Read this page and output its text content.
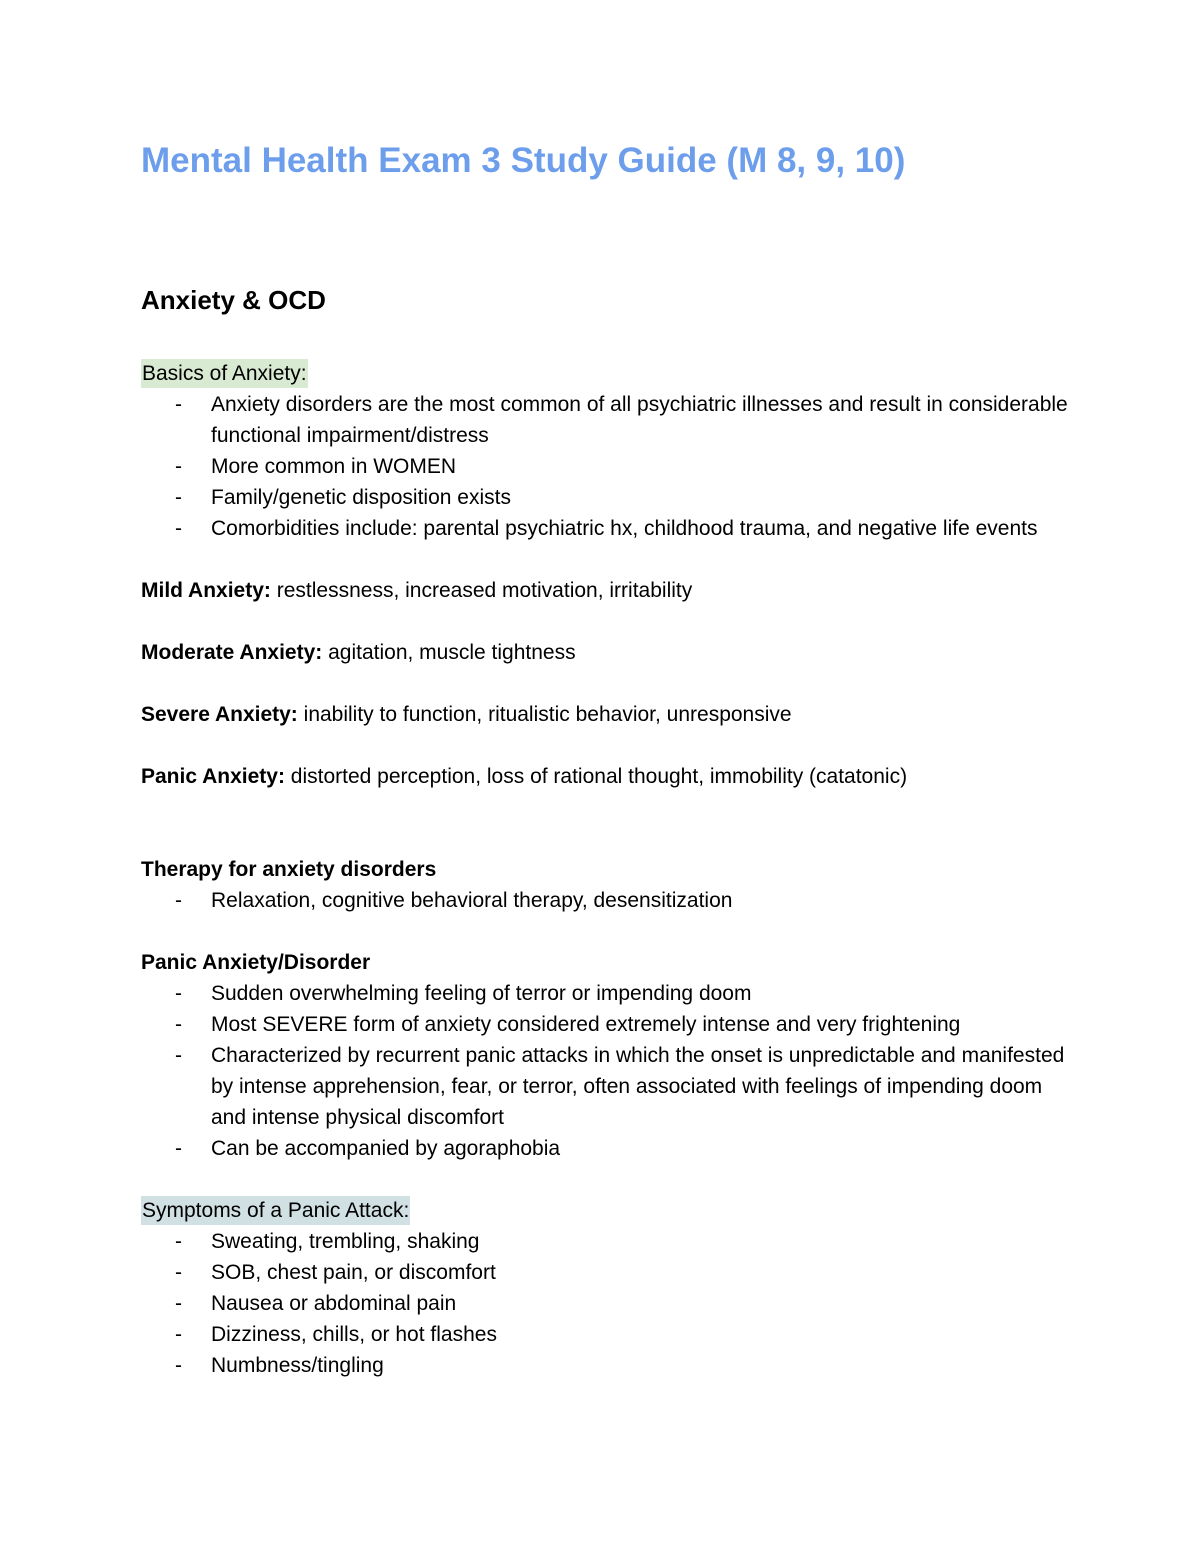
Mental Health Exam 3 Study Guide (M 8, 9, 10)
Anxiety & OCD

Basics of Anxiety:

- Anxiety disorders are the most common of all psychiatric illnesses and result in considerable functional impairment/distress
- More common in WOMEN
- Family/genetic disposition exists
- Comorbidities include: parental psychiatric hx, childhood trauma, and negative life events

Mild Anxiety: restlessness, increased motivation, irritability

Moderate Anxiety: agitation, muscle tightness

Severe Anxiety: inability to function, ritualistic behavior, unresponsive

Panic Anxiety: distorted perception, loss of rational thought, immobility (catatonic)

Therapy for anxiety disorders

- Relaxation, cognitive behavioral therapy, desensitization

Panic Anxiety/Disorder

- Sudden overwhelming feeling of terror or impending doom
- Most SEVERE form of anxiety considered extremely intense and very frightening
- Characterized by recurrent panic attacks in which the onset is unpredictable and manifested by intense apprehension, fear, or terror, often associated with feelings of impending doom and intense physical discomfort
- Can be accompanied by agoraphobia

Symptoms of a Panic Attack:

- Sweating, trembling, shaking
- SOB, chest pain, or discomfort
- Nausea or abdominal pain
- Dizziness, chills, or hot flashes
- Numbness/tingling
